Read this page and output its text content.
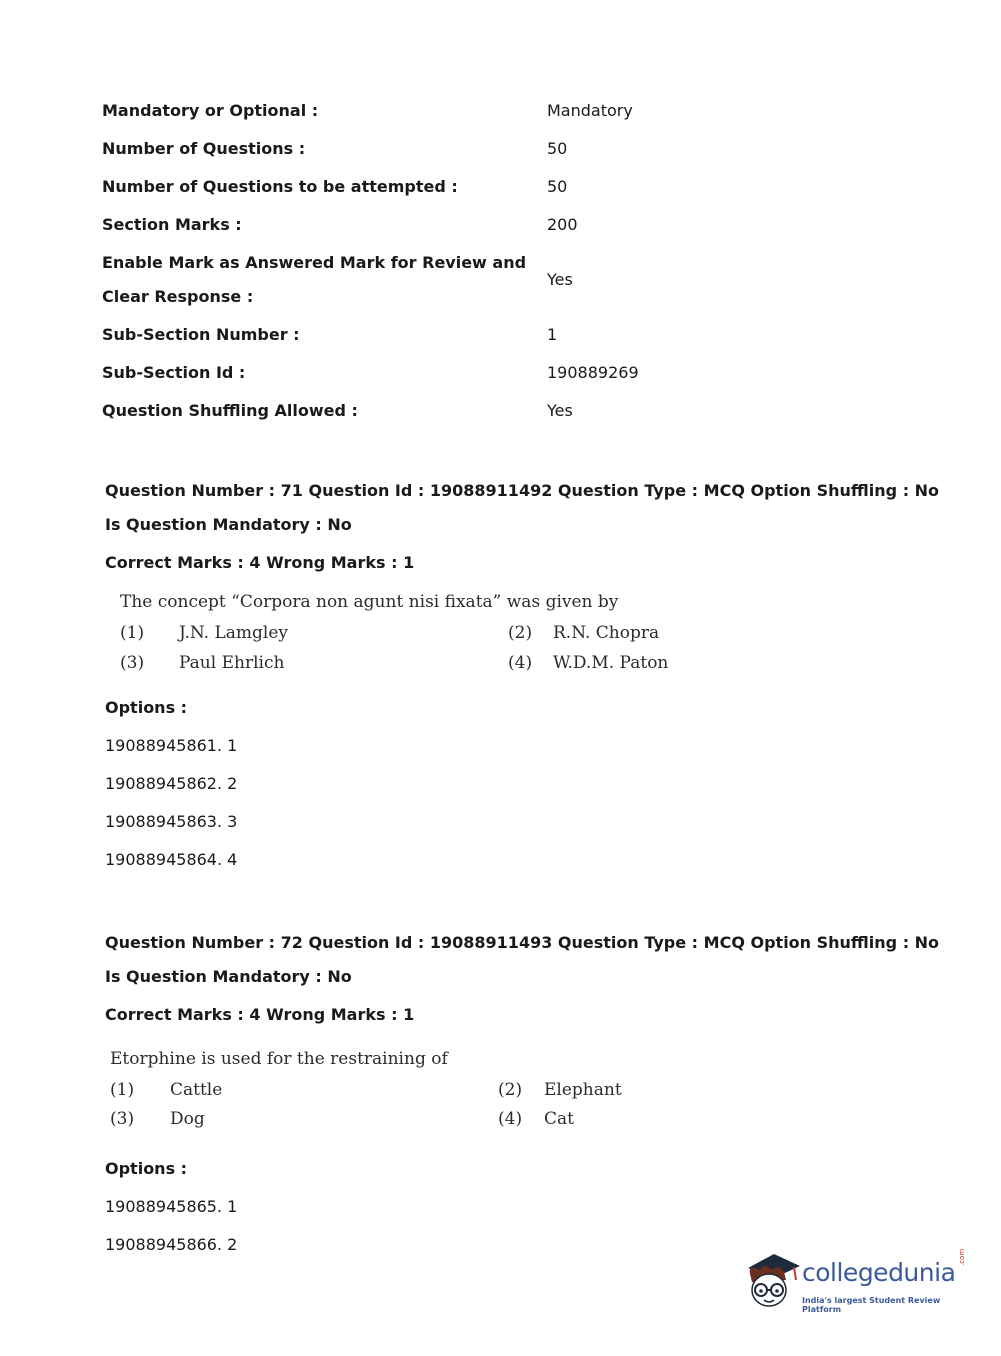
Mandatory or Optional :	Mandatory
Number of Questions :	50
Number of Questions to be attempted :	50
Section Marks :	200
Enable Mark as Answered Mark for Review and
Clear Response :
Yes
Sub-Section Number :	1
Sub-Section Id :	190889269
Question Shuffling Allowed :	Yes
Question Number : 71 Question Id : 19088911492 Question Type : MCQ Option Shuffling : No
Is Question Mandatory : No
Correct Marks : 4 Wrong Marks : 1
The concept “Corpora non agunt nisi fixata” was given by
(1) J.N. Lamgley	(2) R.N. Chopra
(3) Paul Ehrlich	(4) W.D.M. Paton
Options :
19088945861. 1
19088945862. 2
19088945863. 3
19088945864. 4
Question Number : 72 Question Id : 19088911493 Question Type : MCQ Option Shuffling : No
Is Question Mandatory : No
Correct Marks : 4 Wrong Marks : 1
Etorphine is used for the restraining of
(1) Cattle	(2) Elephant
(3) Dog	(4) Cat
Options :
19088945865. 1
19088945866. 2
collegedunia
.com
India's largest Student Review Platform
